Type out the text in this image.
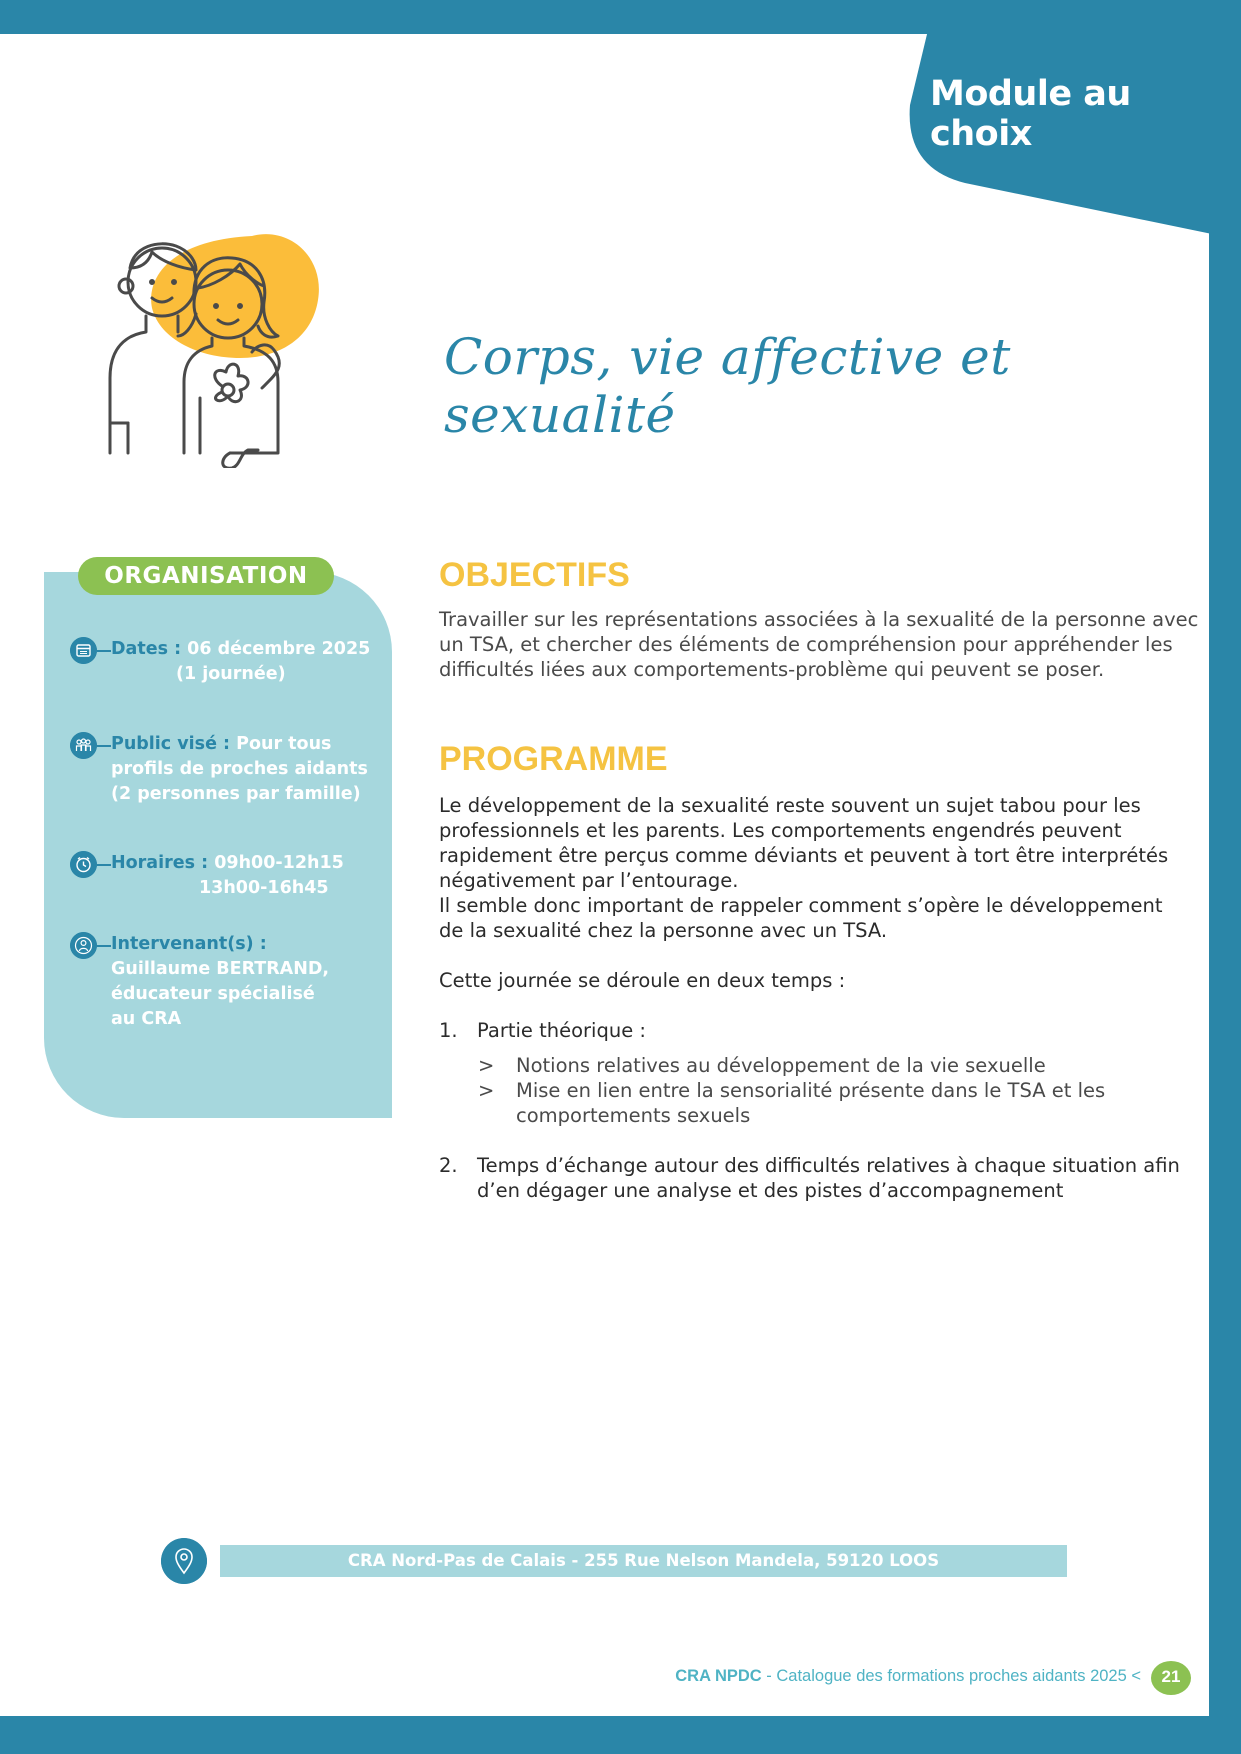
Module au choix
Corps, vie affective et sexualité
ORGANISATION
Dates : 06 décembre 2025
(1 journée)
Public visé : Pour tous
profils de proches aidants
(2 personnes par famille)
Horaires : 09h00-12h15
13h00-16h45
Intervenant(s) :
Guillaume BERTRAND,
éducateur spécialisé
au CRA
OBJECTIFS
Travailler sur les représentations associées à la sexualité de la personne avec
un TSA, et chercher des éléments de compréhension pour appréhender les
difficultés liées aux comportements-problème qui peuvent se poser.
PROGRAMME
Le développement de la sexualité reste souvent un sujet tabou pour les
professionnels et les parents. Les comportements engendrés peuvent
rapidement être perçus comme déviants et peuvent à tort être interprétés
négativement par l’entourage.
Il semble donc important de rappeler comment s’opère le développement
de la sexualité chez la personne avec un TSA.
Cette journée se déroule en deux temps :
1. Partie théorique :
>	Notions relatives au développement de la vie sexuelle
>	Mise en lien entre la sensorialité présente dans le TSA et les
comportements sexuels
2. Temps d’échange autour des difficultés relatives à chaque situation afin
d’en dégager une analyse et des pistes d’accompagnement
CRA Nord-Pas de Calais - 255 Rue Nelson Mandela, 59120 LOOS
CRA NPDC - Catalogue des formations proches aidants 2025 <	21
